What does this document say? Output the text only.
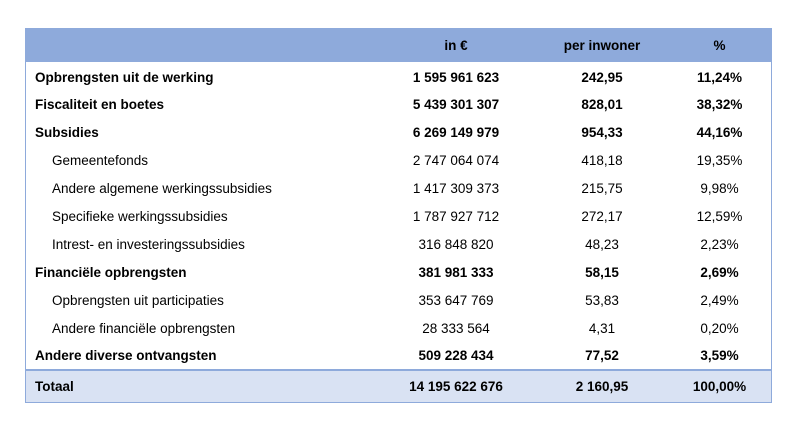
	in €	per inwoner	%
Opbrengsten uit de werking	1 595 961 623	242,95	11,24%
Fiscaliteit en boetes	5 439 301 307	828,01	38,32%
Subsidies	6 269 149 979	954,33	44,16%
Gemeentefonds	2 747 064 074	418,18	19,35%
Andere algemene werkingssubsidies	1 417 309 373	215,75	9,98%
Specifieke werkingssubsidies	1 787 927 712	272,17	12,59%
Intrest- en investeringssubsidies	316 848 820	48,23	2,23%
Financiële opbrengsten	381 981 333	58,15	2,69%
Opbrengsten uit participaties	353 647 769	53,83	2,49%
Andere financiële opbrengsten	28 333 564	4,31	0,20%
Andere diverse ontvangsten	509 228 434	77,52	3,59%
Totaal	14 195 622 676	2 160,95	100,00%
